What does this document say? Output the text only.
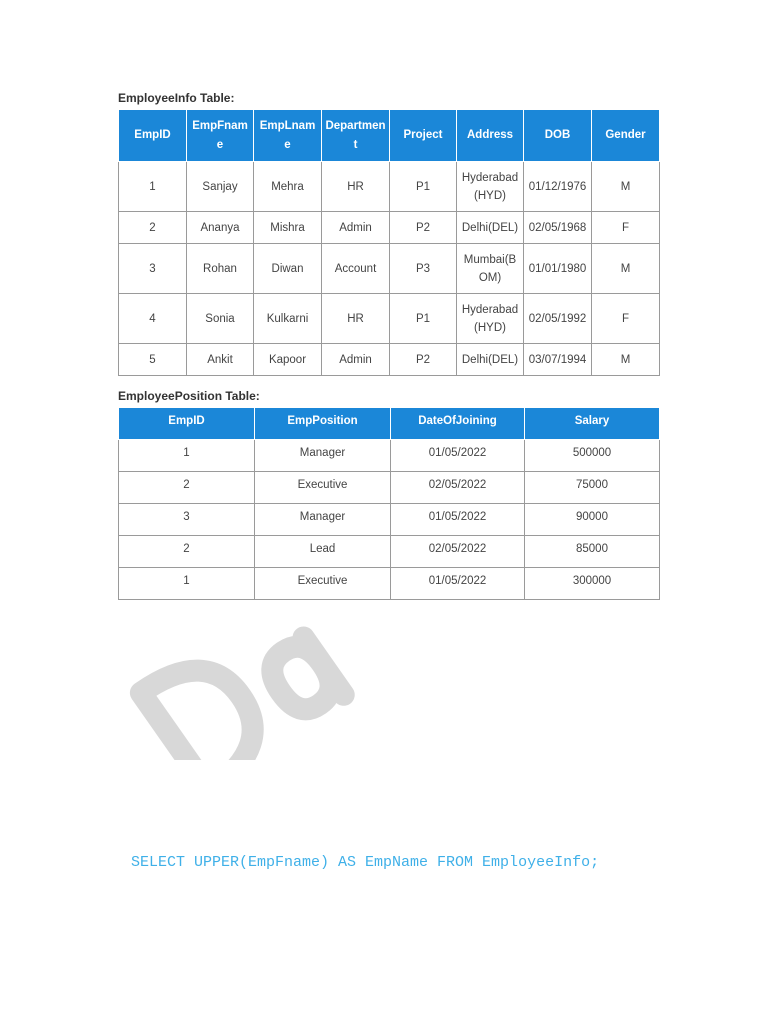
EmployeeInfo Table:
EmpID	EmpFname	EmpLname	Department	Project	Address	DOB	Gender
1	Sanjay	Mehra	HR	P1	Hyderabad(HYD)	01/12/1976	M
2	Ananya	Mishra	Admin	P2	Delhi(DEL)	02/05/1968	F
3	Rohan	Diwan	Account	P3	Mumbai(BOM)	01/01/1980	M
4	Sonia	Kulkarni	HR	P1	Hyderabad(HYD)	02/05/1992	F
5	Ankit	Kapoor	Admin	P2	Delhi(DEL)	03/07/1994	M
EmployeePosition Table:
EmpID	EmpPosition	DateOfJoining	Salary
1	Manager	01/05/2022	500000
2	Executive	02/05/2022	75000
3	Manager	01/05/2022	90000
2	Lead	02/05/2022	85000
1	Executive	01/05/2022	300000
SELECT UPPER(EmpFname) AS EmpName FROM EmployeeInfo;
